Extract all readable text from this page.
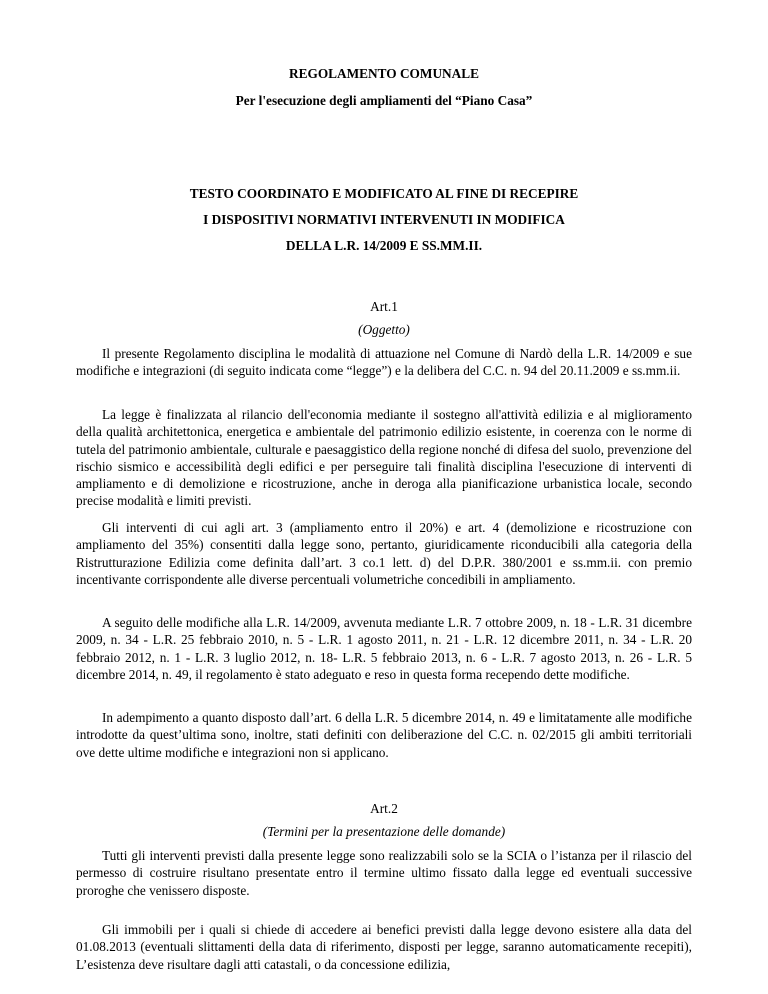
REGOLAMENTO COMUNALE
Per l'esecuzione degli ampliamenti del “Piano Casa”
TESTO COORDINATO E MODIFICATO AL FINE DI RECEPIRE
I DISPOSITIVI NORMATIVI INTERVENUTI IN MODIFICA
DELLA L.R. 14/2009 E SS.MM.II.
Art.1
(Oggetto)

Il presente Regolamento disciplina le modalità di attuazione nel Comune di Nardò della L.R. 14/2009 e sue modifiche e integrazioni (di seguito indicata come “legge”) e la delibera del C.C. n. 94 del 20.11.2009 e ss.mm.ii.

La legge è finalizzata al rilancio dell'economia mediante il sostegno all'attività edilizia e al miglioramento della qualità architettonica, energetica e ambientale del patrimonio edilizio esistente, in coerenza con le norme di tutela del patrimonio ambientale, culturale e paesaggistico della regione nonché di difesa del suolo, prevenzione del rischio sismico e accessibilità degli edifici e per perseguire tali finalità disciplina l'esecuzione di interventi di ampliamento e di demolizione e ricostruzione, anche in deroga alla pianificazione urbanistica locale, secondo precise modalità e limiti previsti.

Gli interventi di cui agli art. 3 (ampliamento entro il 20%) e art. 4 (demolizione e ricostruzione con ampliamento del 35%) consentiti dalla legge sono, pertanto, giuridicamente riconducibili alla categoria della Ristrutturazione Edilizia come definita dall’art. 3 co.1 lett. d) del D.P.R. 380/2001 e ss.mm.ii. con premio incentivante corrispondente alle diverse percentuali volumetriche concedibili in ampliamento.

A seguito delle modifiche alla L.R. 14/2009, avvenuta mediante L.R. 7 ottobre 2009, n. 18 - L.R. 31 dicembre 2009, n. 34 - L.R. 25 febbraio 2010, n. 5 - L.R. 1 agosto 2011, n. 21 - L.R. 12 dicembre 2011, n. 34 - L.R. 20 febbraio 2012, n. 1 - L.R. 3 luglio 2012, n. 18- L.R. 5 febbraio 2013, n. 6 - L.R. 7 agosto 2013, n. 26 - L.R. 5 dicembre 2014, n. 49, il regolamento è stato adeguato e reso in questa forma recependo dette modifiche.

In adempimento a quanto disposto dall’art. 6 della L.R. 5 dicembre 2014, n. 49 e limitatamente alle modifiche introdotte da quest’ultima sono, inoltre, stati definiti con deliberazione del C.C. n. 02/2015 gli ambiti territoriali ove dette ultime modifiche e integrazioni non si applicano.

Art.2
(Termini per la presentazione delle domande)

Tutti gli interventi previsti dalla presente legge sono realizzabili solo se la SCIA o l’istanza per il rilascio del permesso di costruire risultano presentate entro il termine ultimo fissato dalla legge ed eventuali successive proroghe che venissero disposte.

Gli immobili per i quali si chiede di accedere ai benefici previsti dalla legge devono esistere alla data del 01.08.2013 (eventuali slittamenti della data di riferimento, disposti per legge, saranno automaticamente recepiti), L’esistenza deve risultare dagli atti catastali, o da concessione edilizia,
